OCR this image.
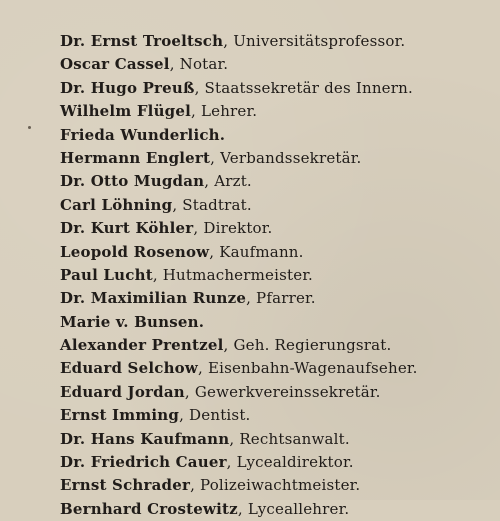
Dr. Ernst Troeltsch, Universitätsprofessor.
Oscar Cassel, Notar.
Dr. Hugo Preuß, Staatssekretär des Innern.
Wilhelm Flügel, Lehrer.
Frieda Wunderlich.
Hermann Englert, Verbandssekretär.
Dr. Otto Mugdan, Arzt.
Carl Löhning, Stadtrat.
Dr. Kurt Köhler, Direktor.
Leopold Rosenow, Kaufmann.
Paul Lucht, Hutmachermeister.
Dr. Maximilian Runze, Pfarrer.
Marie v. Bunsen.
Alexander Prentzel, Geh. Regierungsrat.
Eduard Selchow, Eisenbahn-Wagenaufseher.
Eduard Jordan, Gewerkvereinssekretär.
Ernst Imming, Dentist.
Dr. Hans Kaufmann, Rechtsanwalt.
Dr. Friedrich Cauer, Lycealdirektor.
Ernst Schrader, Polizeiwachtmeister.
Bernhard Crostewitz, Lyceallehrer.
